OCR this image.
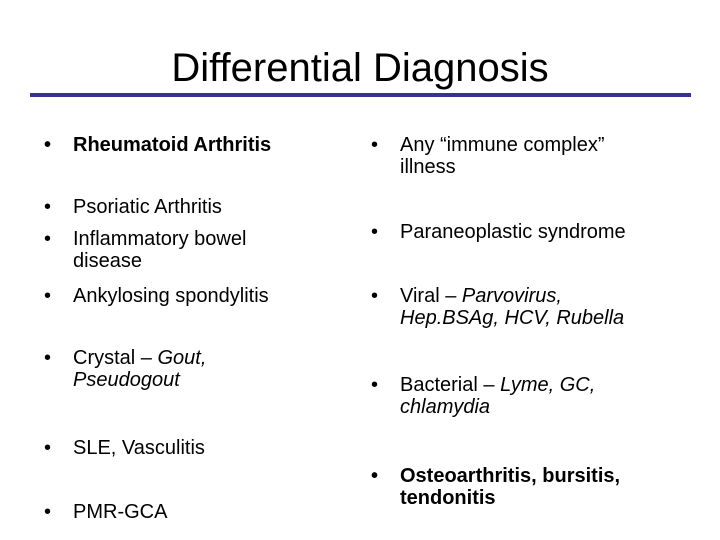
Differential Diagnosis
• Rheumatoid Arthritis
• Psoriatic Arthritis
• Inflammatory bowel
disease
• Ankylosing spondylitis
• Crystal – Gout,
Pseudogout
• SLE, Vasculitis
• PMR-GCA
• Any “immune complex”
illness
• Paraneoplastic syndrome
• Viral – Parvovirus,
Hep.BSAg, HCV, Rubella
• Bacterial – Lyme, GC,
chlamydia
• Osteoarthritis, bursitis,
tendonitis
